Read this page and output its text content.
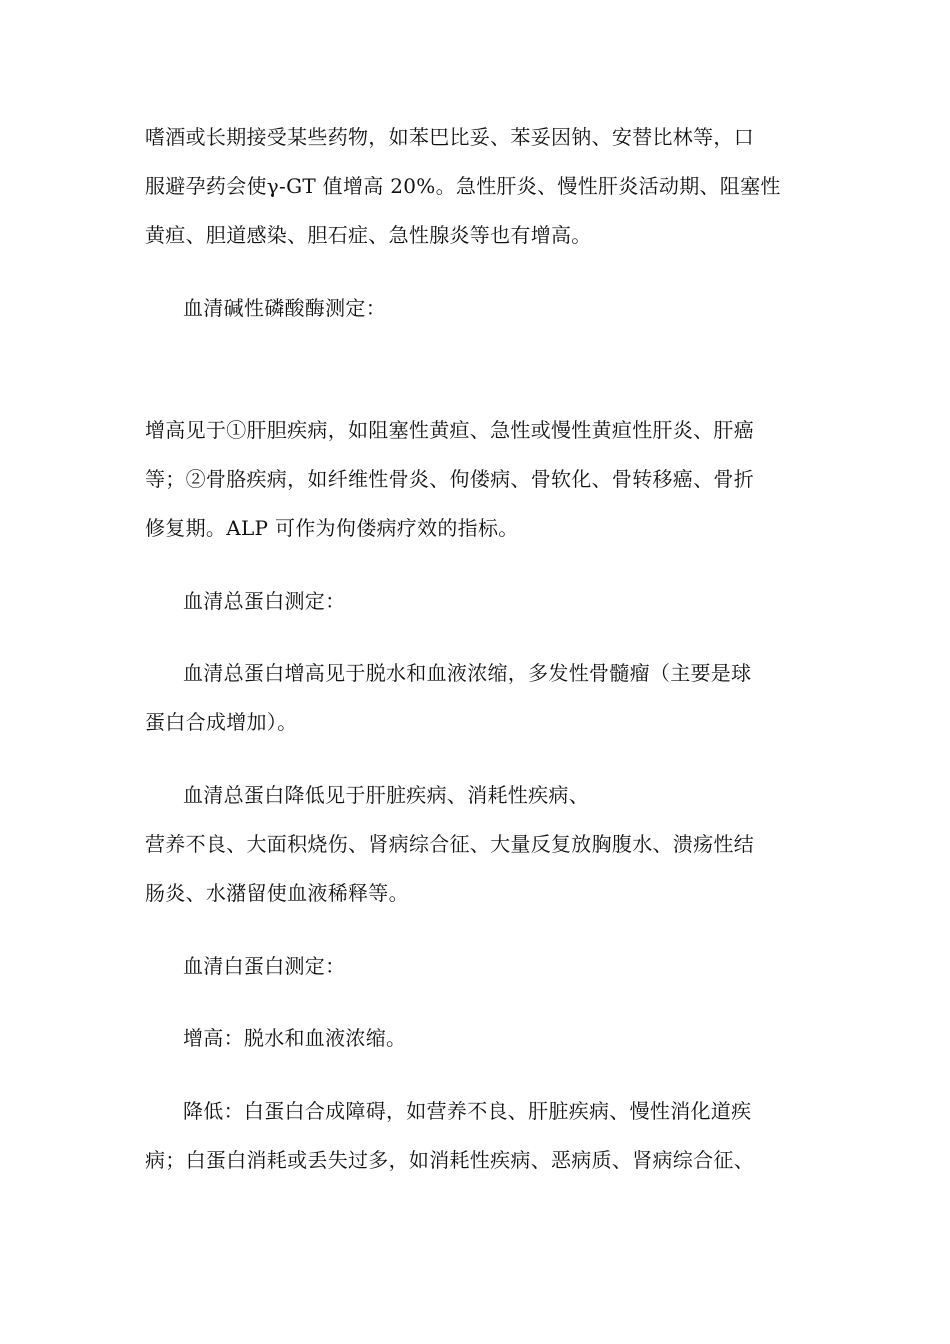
嗜酒或长期接受某些药物，如苯巴比妥、苯妥因钠、安替比林等，口
服避孕药会使γ-GT 值增高 20%。急性肝炎、慢性肝炎活动期、阻塞性
黄疸、胆道感染、胆石症、急性腺炎等也有增高。
血清碱性磷酸酶测定：
增高见于①肝胆疾病，如阻塞性黄疸、急性或慢性黄疸性肝炎、肝癌
等；②骨胳疾病，如纤维性骨炎、佝偻病、骨软化、骨转移癌、骨折
修复期。ALP 可作为佝偻病疗效的指标。
血清总蛋白测定：
血清总蛋白增高见于脱水和血液浓缩，多发性骨髓瘤（主要是球
蛋白合成增加）。
血清总蛋白降低见于肝脏疾病、消耗性疾病、
营养不良、大面积烧伤、肾病综合征、大量反复放胸腹水、溃疡性结
肠炎、水潴留使血液稀释等。
血清白蛋白测定：
增高：脱水和血液浓缩。
降低：白蛋白合成障碍，如营养不良、肝脏疾病、慢性消化道疾
病；白蛋白消耗或丢失过多，如消耗性疾病、恶病质、肾病综合征、
